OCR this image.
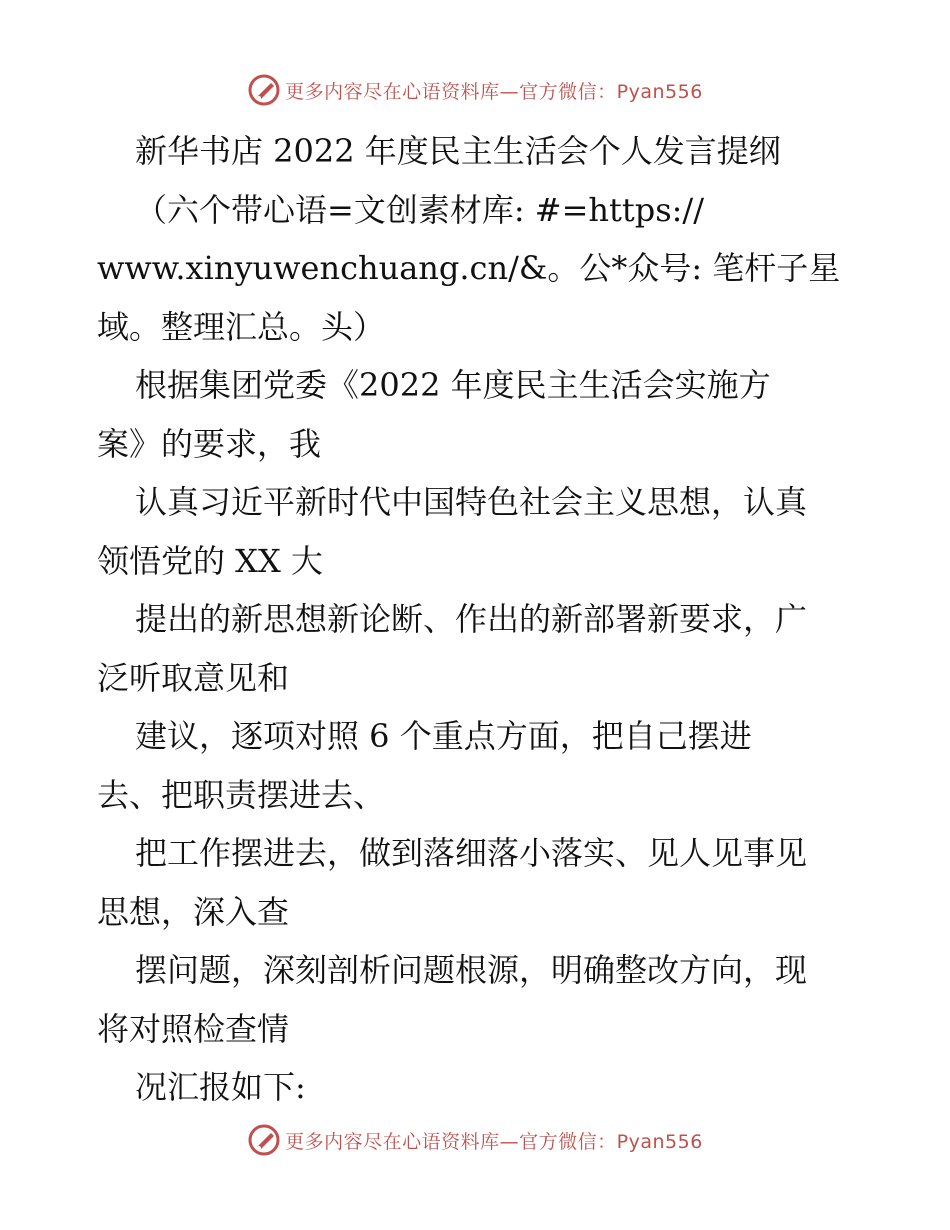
更多内容尽在心语资料库— 官方微信：Pyan556
新华书店 2022 年度民主生活会个人发言提纲
（六个带心语=文创素材库: #=https://
www.xinyuwenchuang.cn/&。公*众号: 笔杆子星
域。整理汇总。头）
根据集团党委《2022 年度民主生活会实施方
案》的要求，我
认真习近平新时代中国特色社会主义思想，认真
领悟党的 XX 大
提出的新思想新论断、作出的新部署新要求，广
泛听取意见和
建议，逐项对照 6 个重点方面，把自己摆进
去、把职责摆进去、
把工作摆进去，做到落细落小落实、见人见事见
思想，深入查
摆问题，深刻剖析问题根源，明确整改方向，现
将对照检查情
况汇报如下:
更多内容尽在心语资料库— 官方微信：Pyan556
